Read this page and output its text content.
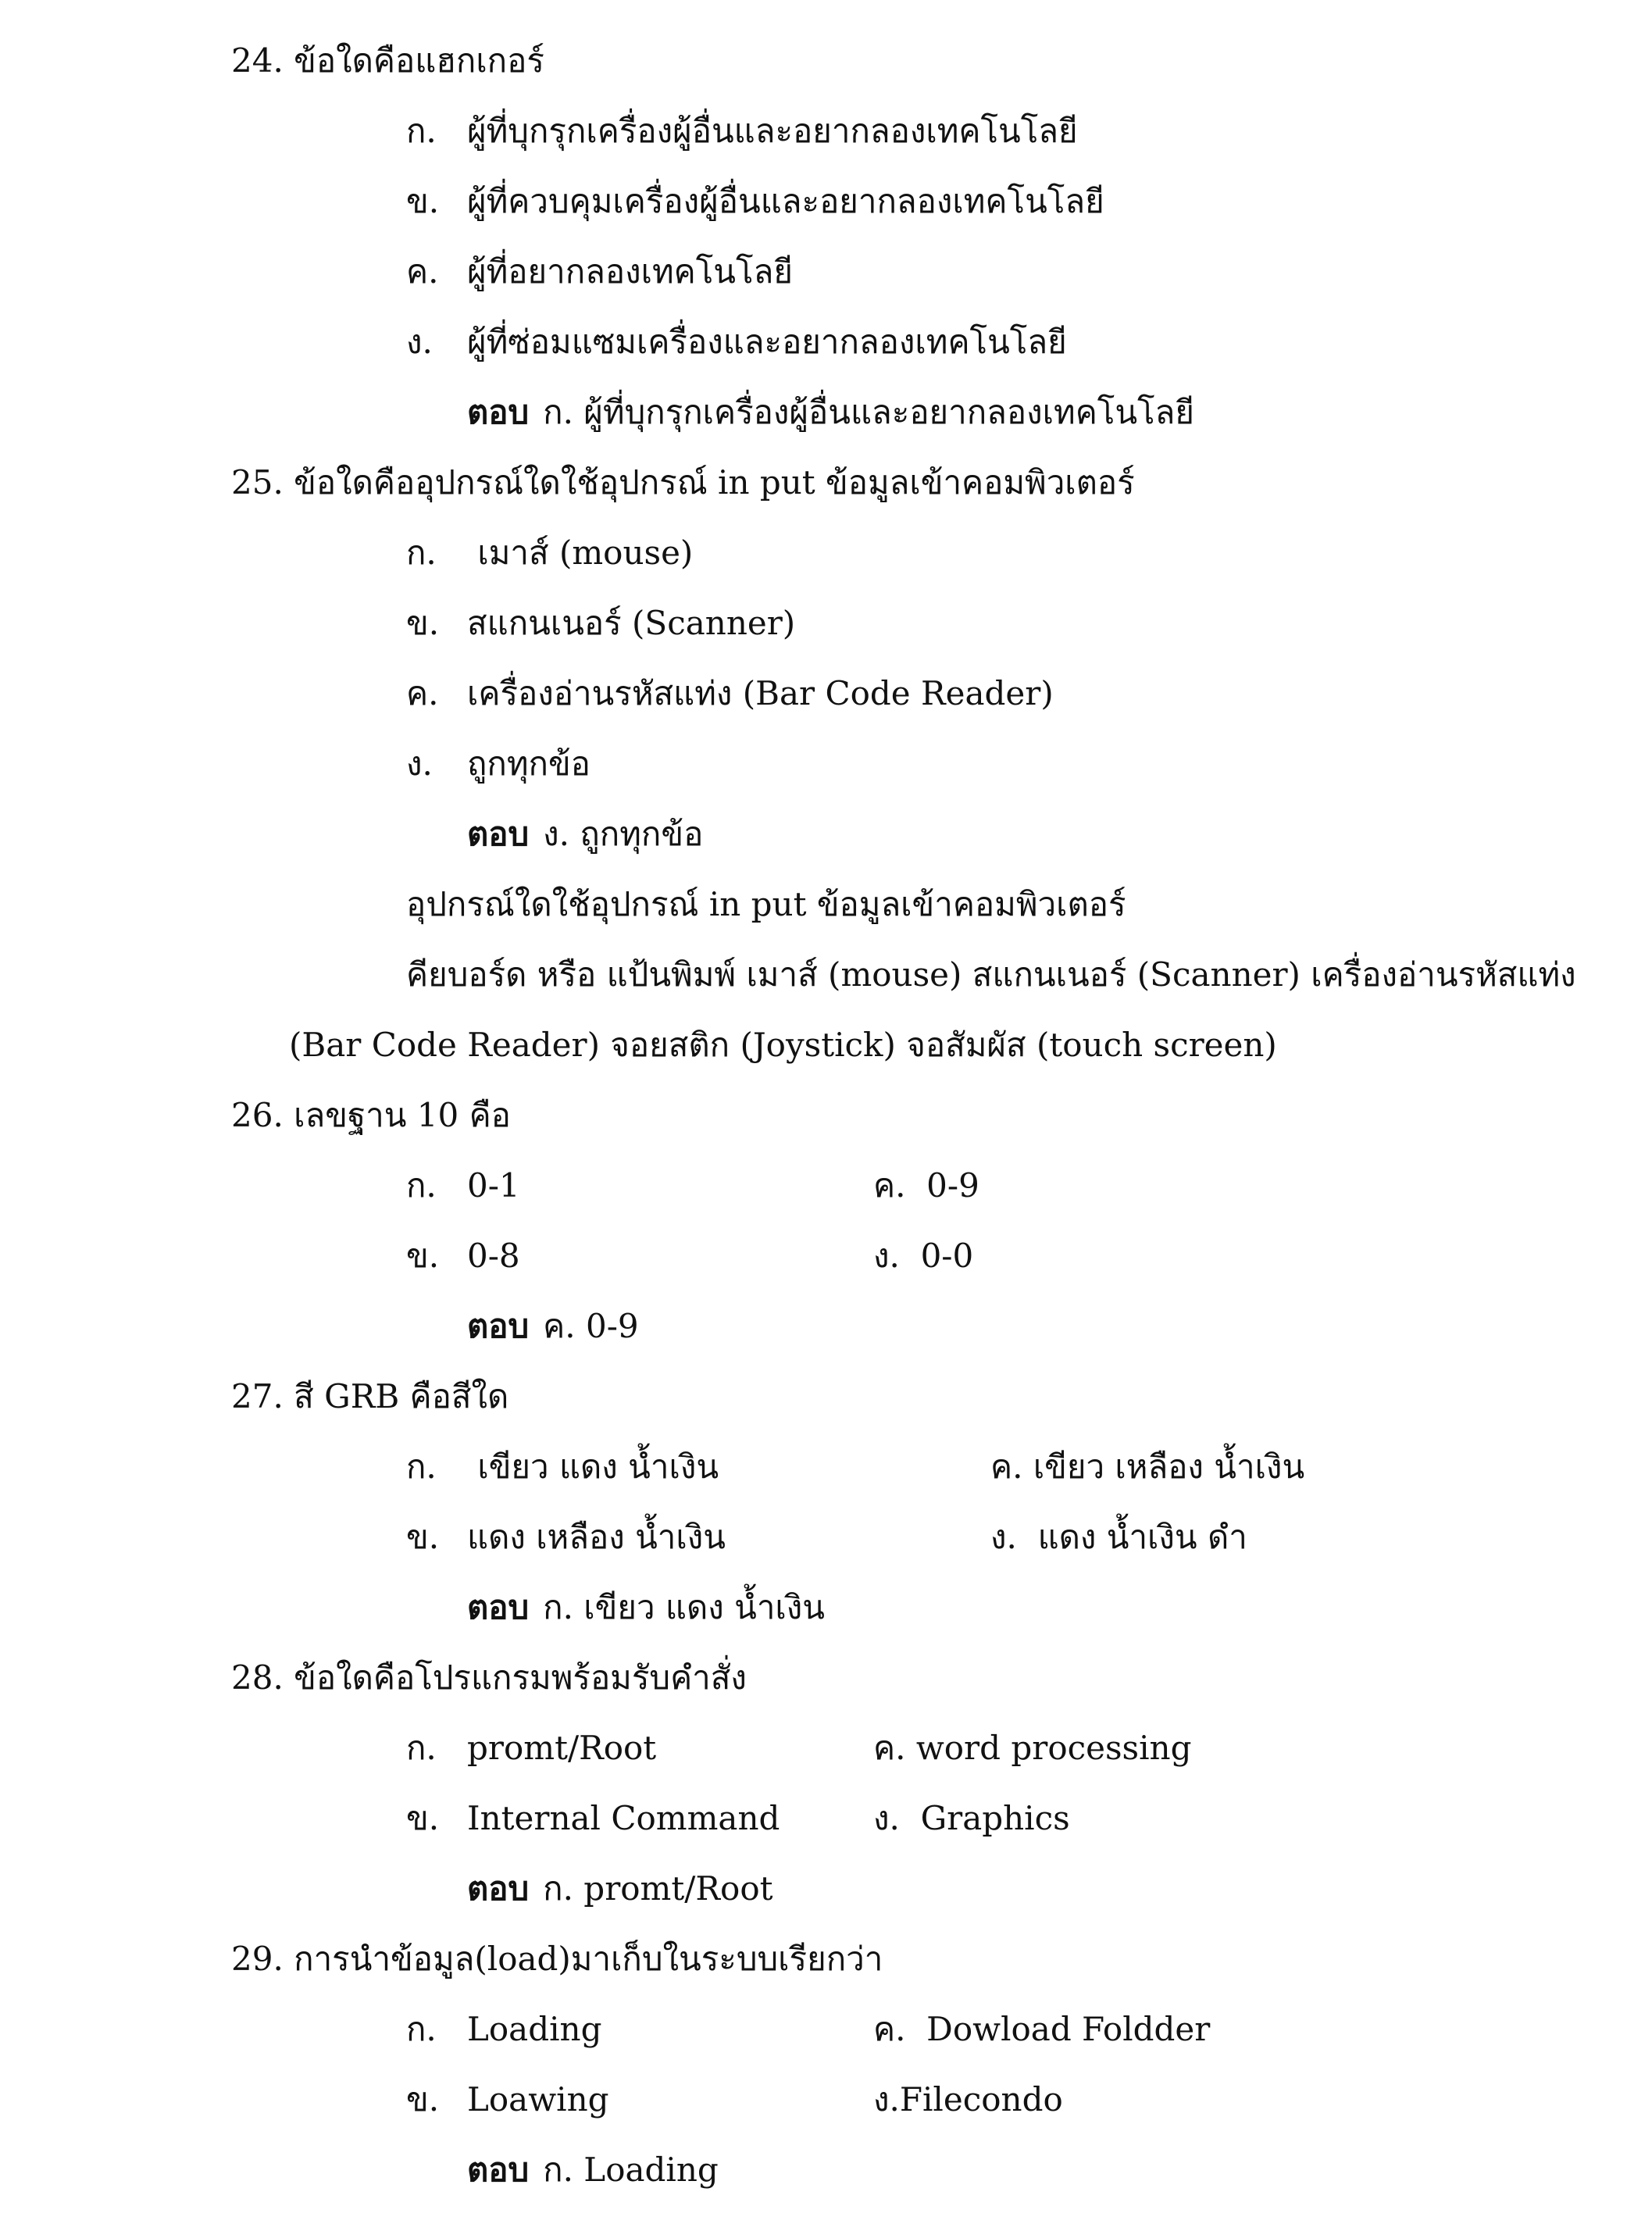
24. ข้อใดคือแฮกเกอร์
ก. ผู้ที่บุกรุกเครื่องผู้อื่นและอยากลองเทคโนโลยี
ข. ผู้ที่ควบคุมเครื่องผู้อื่นและอยากลองเทคโนโลยี
ค. ผู้ที่อยากลองเทคโนโลยี
ง. ผู้ที่ซ่อมแซมเครื่องและอยากลองเทคโนโลยี
ตอบ ก. ผู้ที่บุกรุกเครื่องผู้อื่นและอยากลองเทคโนโลยี
25. ข้อใดคืออุปกรณ์ใดใช้อุปกรณ์ in put ข้อมูลเข้าคอมพิวเตอร์
ก. เมาส์ (mouse)
ข. สแกนเนอร์ (Scanner)
ค. เครื่องอ่านรหัสแท่ง (Bar Code Reader)
ง. ถูกทุกข้อ
ตอบ ง. ถูกทุกข้อ
อุปกรณ์ใดใช้อุปกรณ์ in put ข้อมูลเข้าคอมพิวเตอร์
คียบอร์ด หรือ แป้นพิมพ์ เมาส์ (mouse) สแกนเนอร์ (Scanner) เครื่องอ่านรหัสแท่ง
(Bar Code Reader) จอยสติก (Joystick) จอสัมผัส (touch screen)
26. เลขฐาน 10 คือ
ก. 0-1	ค. 0-9
ข. 0-8	ง. 0-0
ตอบ ค. 0-9
27. สี GRB คือสีใด
ก. เขียว แดง น้ำเงิน	ค. เขียว เหลือง น้ำเงิน
ข. แดง เหลือง น้ำเงิน	ง. แดง น้ำเงิน ดำ
ตอบ ก. เขียว แดง น้ำเงิน
28. ข้อใดคือโปรแกรมพร้อมรับคำสั่ง
ก. promt/Root	ค. word processing
ข. Internal Command	ง. Graphics
ตอบ ก. promt/Root
29. การนำข้อมูล(load)มาเก็บในระบบเรียกว่า
ก. Loading	ค. Dowload Foldder
ข. Loawing	ง.Filecondo
ตอบ ก. Loading
